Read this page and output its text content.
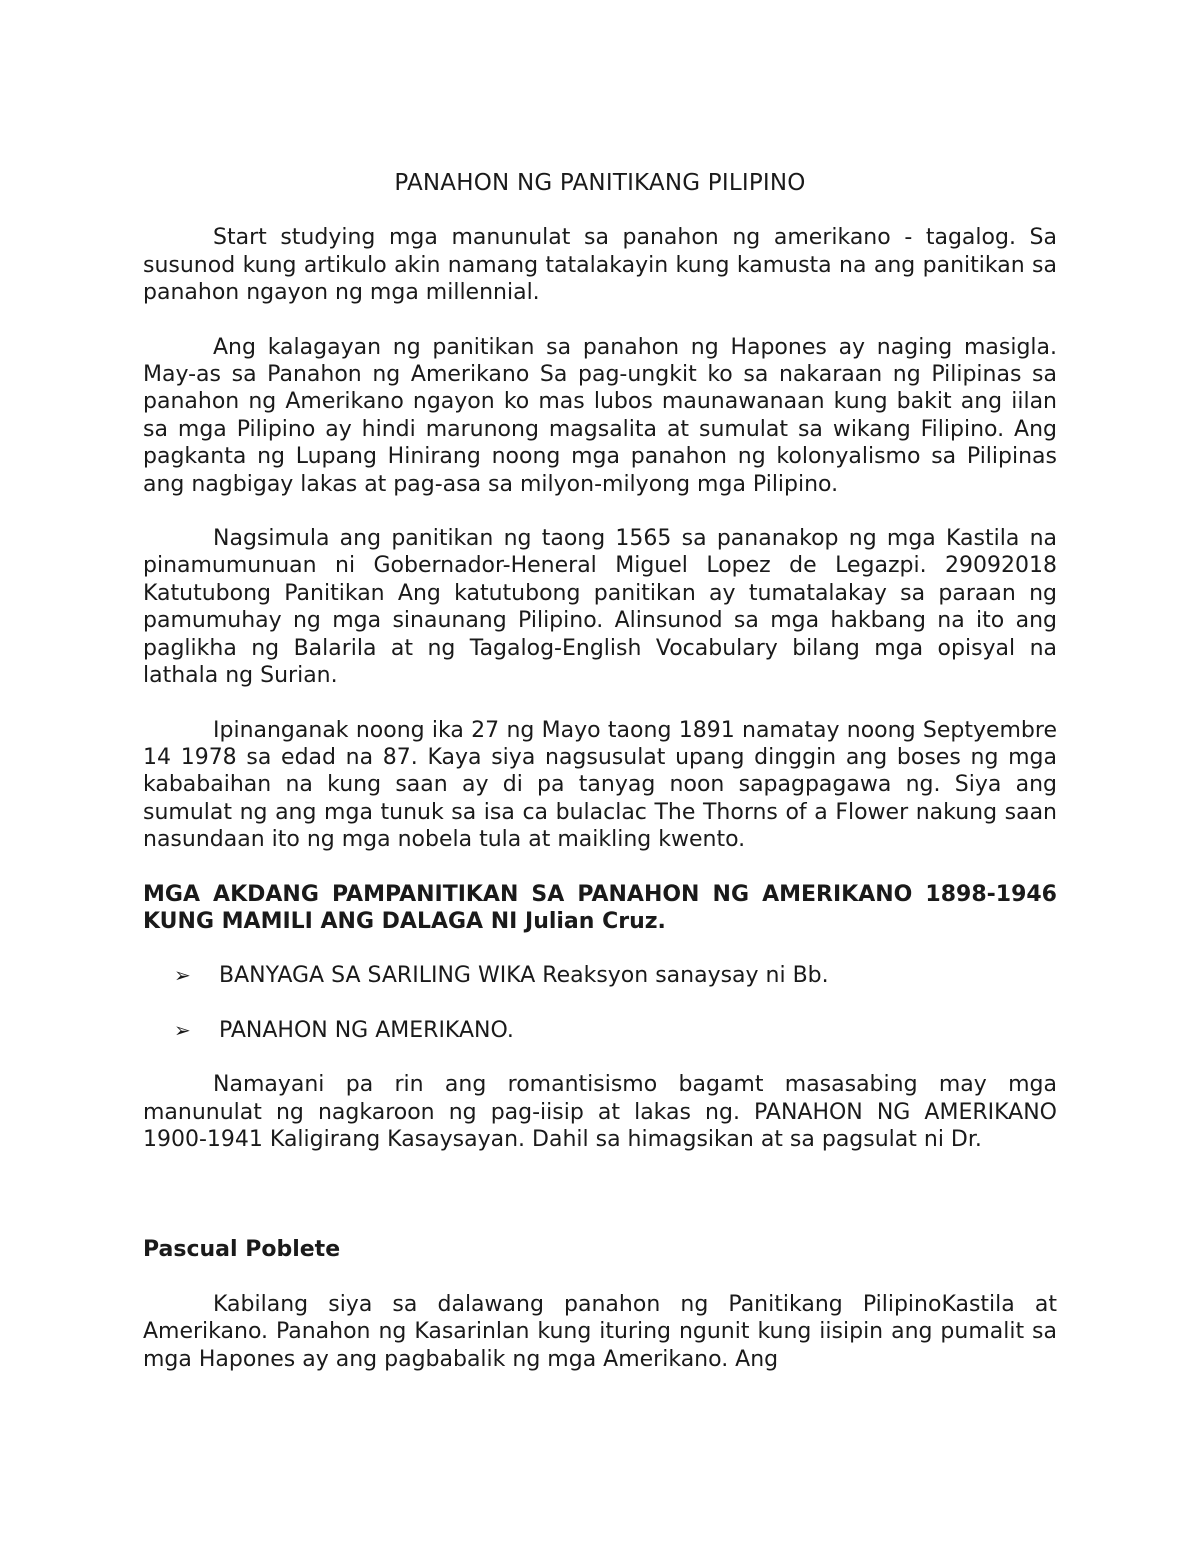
PANAHON NG PANITIKANG PILIPINO

Start studying mga manunulat sa panahon ng amerikano - tagalog. Sa susunod kung artikulo akin namang tatalakayin kung kamusta na ang panitikan sa panahon ngayon ng mga millennial.

Ang kalagayan ng panitikan sa panahon ng Hapones ay naging masigla. May-as sa Panahon ng Amerikano Sa pag-ungkit ko sa nakaraan ng Pilipinas sa panahon ng Amerikano ngayon ko mas lubos maunawanaan kung bakit ang iilan sa mga Pilipino ay hindi marunong magsalita at sumulat sa wikang Filipino. Ang pagkanta ng Lupang Hinirang noong mga panahon ng kolonyalismo sa Pilipinas ang nagbigay lakas at pag-asa sa milyon-milyong mga Pilipino.

Nagsimula ang panitikan ng taong 1565 sa pananakop ng mga Kastila na pinamumunuan ni Gobernador-Heneral Miguel Lopez de Legazpi. 29092018 Katutubong Panitikan Ang katutubong panitikan ay tumatalakay sa paraan ng pamumuhay ng mga sinaunang Pilipino. Alinsunod sa mga hakbang na ito ang paglikha ng Balarila at ng Tagalog-English Vocabulary bilang mga opisyal na lathala ng Surian.

Ipinanganak noong ika 27 ng Mayo taong 1891 namatay noong Septyembre 14 1978 sa edad na 87. Kaya siya nagsusulat upang dinggin ang boses ng mga kababaihan na kung saan ay di pa tanyag noon sapagpagawa ng. Siya ang sumulat ng ang mga tunuk sa isa ca bulaclac The Thorns of a Flower nakung saan nasundaan ito ng mga nobela tula at maikling kwento.

MGA AKDANG PAMPANITIKAN SA PANAHON NG AMERIKANO 1898-1946 KUNG MAMILI ANG DALAGA NI Julian Cruz.
➢ BANYAGA SA SARILING WIKA Reaksyon sanaysay ni Bb.
➢ PANAHON NG AMERIKANO.

Namayani pa rin ang romantisismo bagamt masasabing may mga manunulat ng nagkaroon ng pag-iisip at lakas ng. PANAHON NG AMERIKANO 1900-1941 Kaligirang Kasaysayan. Dahil sa himagsikan at sa pagsulat ni Dr.

Pascual Poblete

Kabilang siya sa dalawang panahon ng Panitikang PilipinoKastila at Amerikano. Panahon ng Kasarinlan kung ituring ngunit kung iisipin ang pumalit sa mga Hapones ay ang pagbabalik ng mga Amerikano. Ang
